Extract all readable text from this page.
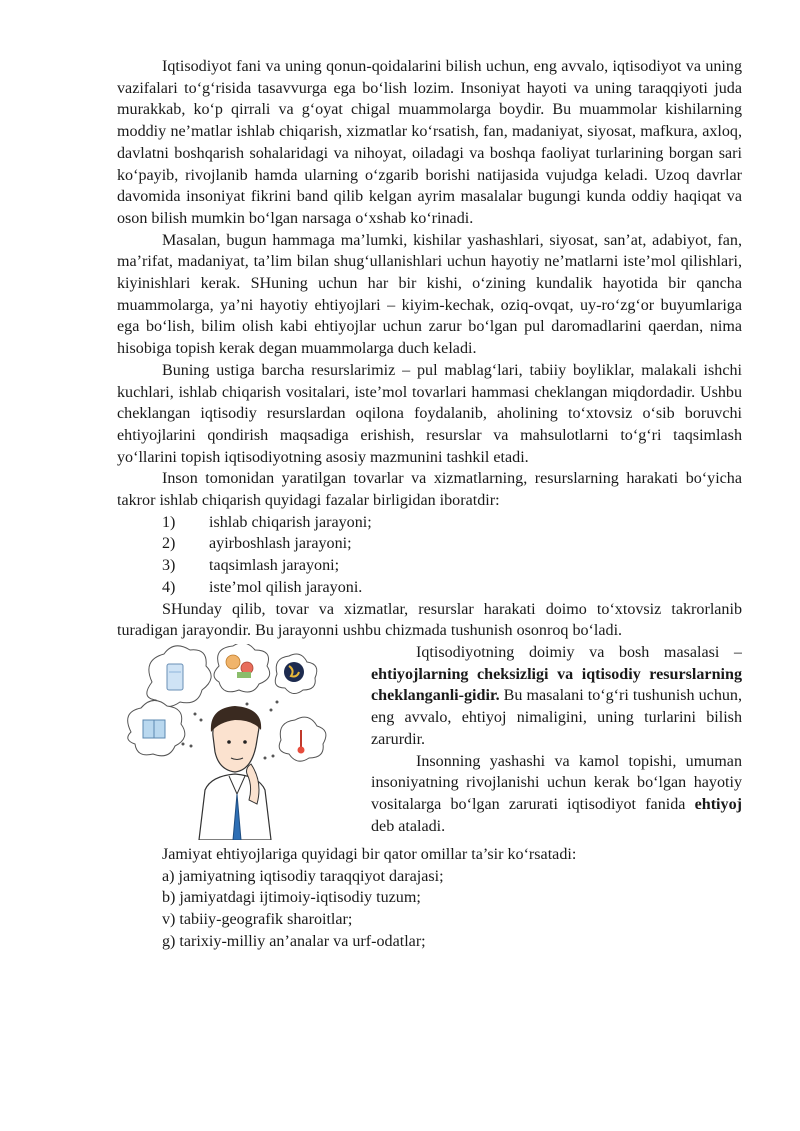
Iqtisodiyot fani va uning qonun-qoidalarini bilish uchun, eng avvalo, iqtisodiyot va uning vazifalari to‘g‘risida tasavvurga ega bo‘lish lozim. Insoniyat hayoti va uning taraqqiyoti juda murakkab, ko‘p qirrali va g‘oyat chigal muammolarga boydir. Bu muammolar kishilarning moddiy ne’matlar ishlab chiqarish, xizmatlar ko‘rsatish, fan, madaniyat, siyosat, mafkura, axloq, davlatni boshqarish sohalaridagi va nihoyat, oiladagi va boshqa faoliyat turlarining borgan sari ko‘payib, rivojlanib hamda ularning o‘zgarib borishi natijasida vujudga keladi. Uzoq davrlar davomida insoniyat fikrini band qilib kelgan ayrim masalalar bugungi kunda oddiy haqiqat va oson bilish mumkin bo‘lgan narsaga o‘xshab ko‘rinadi.

Masalan, bugun hammaga ma’lumki, kishilar yashashlari, siyosat, san’at, adabiyot, fan, ma’rifat, madaniyat, ta’lim bilan shug‘ullanishlari uchun hayotiy ne’matlarni iste’mol qilishlari, kiyinishlari kerak. SHuning uchun har bir kishi, o‘zining kundalik hayotida bir qancha muammolarga, ya’ni hayotiy ehtiyojlari – kiyim-kechak, oziq-ovqat, uy-ro‘zg‘or buyumlariga ega bo‘lish, bilim olish kabi ehtiyojlar uchun zarur bo‘lgan pul daromadlarini qaerdan, nima hisobiga topish kerak degan muammolarga duch keladi.

Buning ustiga barcha resurslarimiz – pul mablag‘lari, tabiiy boyliklar, malakali ishchi kuchlari, ishlab chiqarish vositalari, iste’mol tovarlari hammasi cheklangan miqdordadir. Ushbu cheklangan iqtisodiy resurslardan oqilona foydalanib, aholining to‘xtovsiz o‘sib boruvchi ehtiyojlarini qondirish maqsadiga erishish, resurslar va mahsulotlarni to‘g‘ri taqsimlash yo‘llarini topish iqtisodiyotning asosiy mazmunini tashkil etadi.

Inson tomonidan yaratilgan tovarlar va xizmatlarning, resurslarning harakati bo‘yicha takror ishlab chiqarish quyidagi fazalar birligidan iboratdir:

1)	ishlab chiqarish jarayoni;
2)	ayirboshlash jarayoni;
3)	taqsimlash jarayoni;
4)	iste’mol qilish jarayoni.

SHunday qilib, tovar va xizmatlar, resurslar harakati doimo to‘xtovsiz takrorlanib turadigan jarayondir. Bu jarayonni ushbu chizmada tushunish osonroq bo‘ladi.

Iqtisodiyotning doimiy va bosh masalasi – ehtiyojlarning cheksizligi va iqtisodiy resurslarning cheklanganli-gidir. Bu masalani to‘g‘ri tushunish uchun, eng avvalo, ehtiyoj nimaligini, uning turlarini bilish zarurdir.

Insonning yashashi va kamol topishi, umuman insoniyatning rivojlanishi uchun kerak bo‘lgan hayotiy vositalarga bo‘lgan zarurati iqtisodiyot fanida ehtiyoj deb ataladi.

Jamiyat ehtiyojlariga quyidagi bir qator omillar ta’sir ko‘rsatadi:

a) jamiyatning iqtisodiy taraqqiyot darajasi;

b) jamiyatdagi ijtimoiy-iqtisodiy tuzum;

v) tabiiy-geografik sharoitlar;

g) tarixiy-milliy an’analar va urf-odatlar;
